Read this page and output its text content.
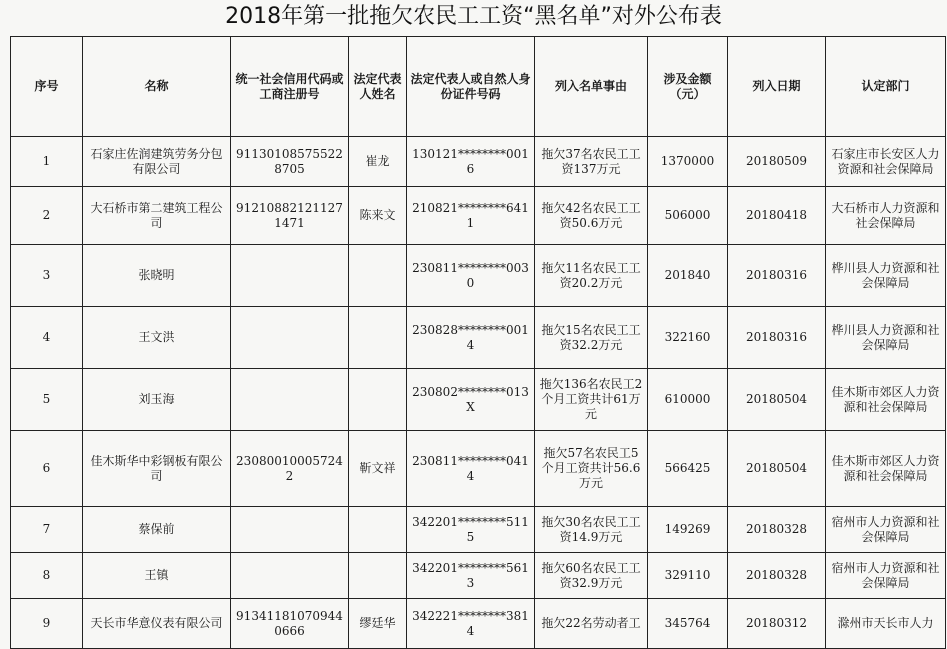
2018年第一批拖欠农民工工资“黑名单”对外公布表
序号	名称	统一社会信用代码或工商注册号	法定代表人姓名	法定代表人或自然人身份证件号码	列入名单事由	涉及金额（元）	列入日期	认定部门
1	石家庄佐润建筑劳务分包有限公司	911301085755228705	崔龙	130121********0016	拖欠37名农民工工资137万元	1370000	20180509	石家庄市长安区人力资源和社会保障局
2	大石桥市第二建筑工程公司	912108821211271471	陈来文	210821********6411	拖欠42名农民工工资50.6万元	506000	20180418	大石桥市人力资源和社会保障局
3	张晓明			230811********0030	拖欠11名农民工工资20.2万元	201840	20180316	桦川县人力资源和社会保障局
4	王文洪			230828********0014	拖欠15名农民工工资32.2万元	322160	20180316	桦川县人力资源和社会保障局
5	刘玉海			230802********013X	拖欠136名农民工2个月工资共计61万元	610000	20180504	佳木斯市郊区人力资源和社会保障局
6	佳木斯华中彩钢板有限公司	230800100057242	靳文祥	230811********0414	拖欠57名农民工5个月工资共计56.6万元	566425	20180504	佳木斯市郊区人力资源和社会保障局
7	蔡保前			342201********5115	拖欠30名农民工工资14.9万元	149269	20180328	宿州市人力资源和社会保障局
8	王镇			342201********5613	拖欠60名农民工工资32.9万元	329110	20180328	宿州市人力资源和社会保障局
9	天长市华意仪表有限公司	913411810709440666	缪廷华	342221********3814	拖欠22名劳动者工	345764	20180312	滁州市天长市人力
